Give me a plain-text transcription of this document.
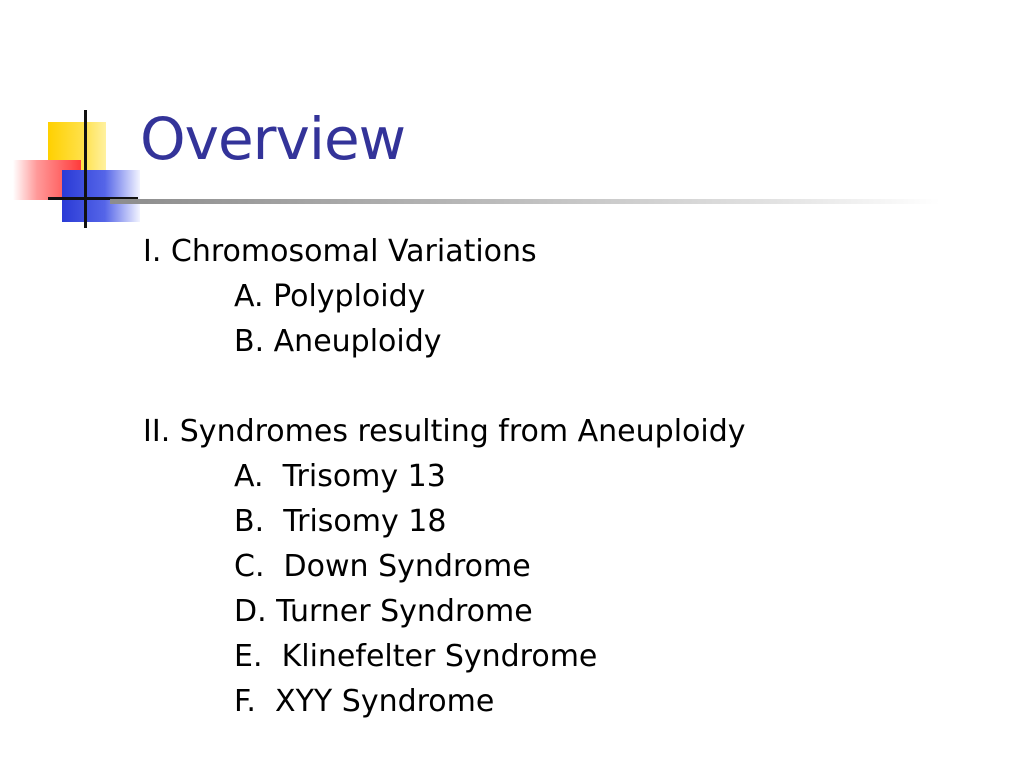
Overview
I. Chromosomal Variations
A. Polyploidy
B. Aneuploidy
II. Syndromes resulting from Aneuploidy
A.  Trisomy 13
B.  Trisomy 18
C.  Down Syndrome
D. Turner Syndrome
E.  Klinefelter Syndrome
F.  XYY Syndrome
